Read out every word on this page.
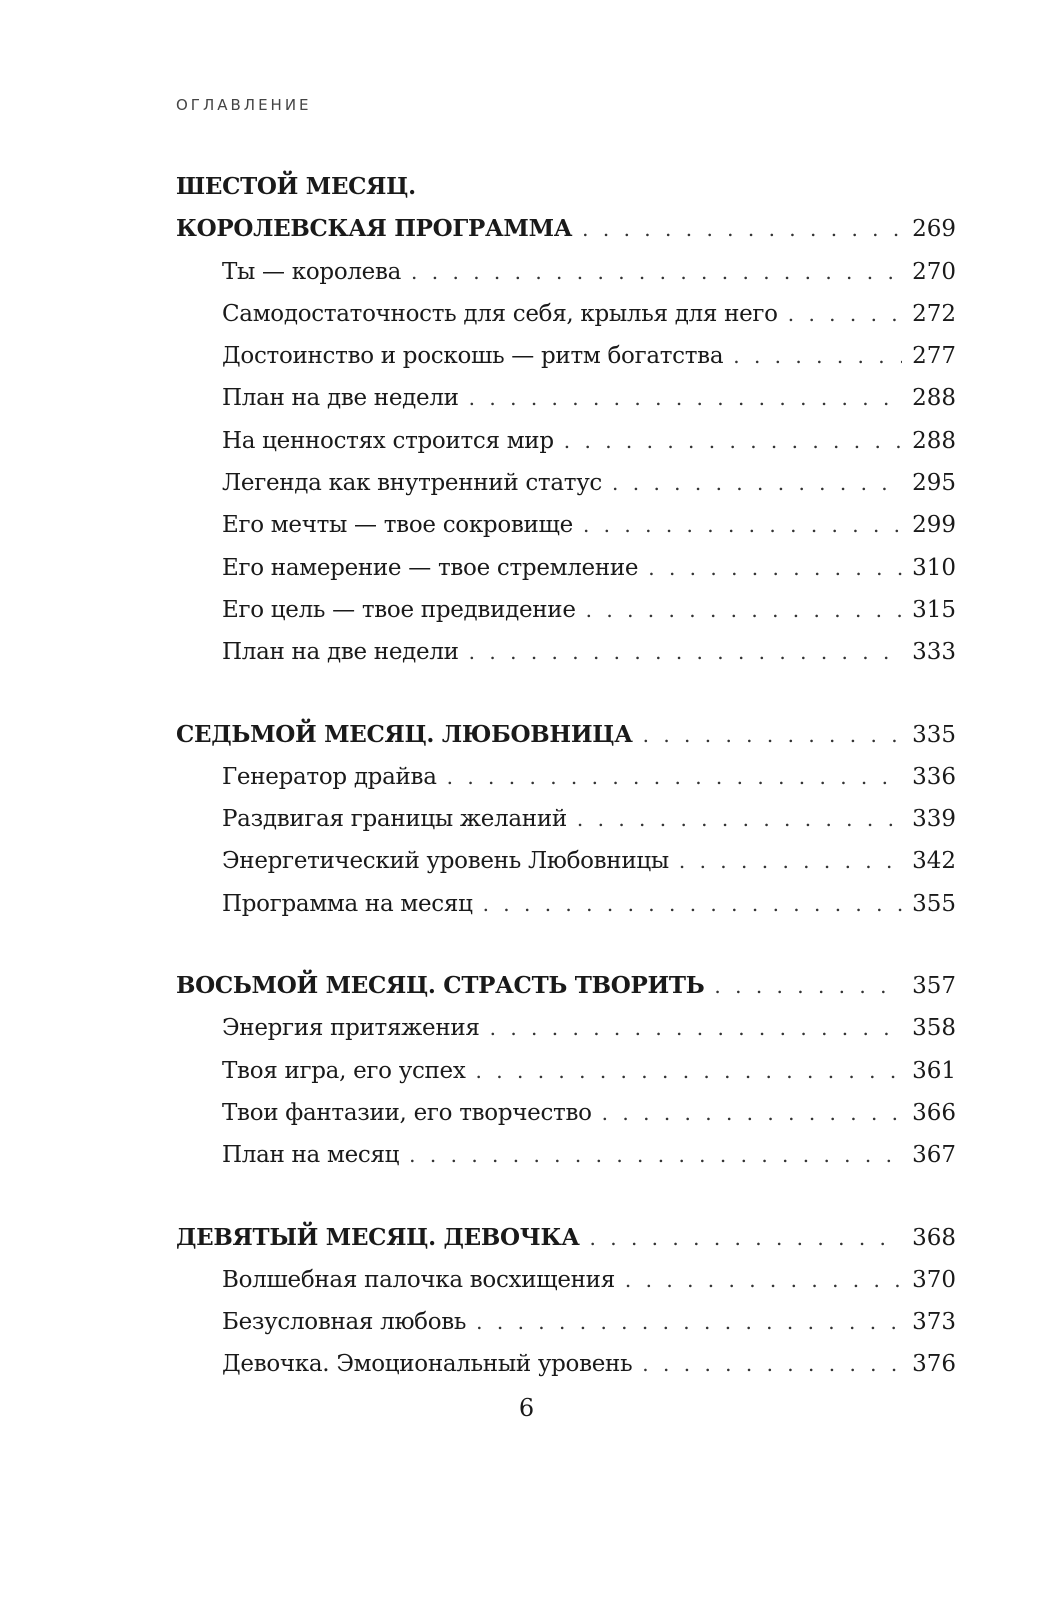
ОГЛАВЛЕНИЕ
ШЕСТОЙ МЕСЯЦ.
КОРОЛЕВСКАЯ ПРОГРАММА . . .	269
Ты — королева . . .	270
Самодостаточность для себя, крылья для него . . .	272
Достоинство и роскошь — ритм богатства . . .	277
План на две недели . . .	288
На ценностях строится мир . . .	288
Легенда как внутренний статус . . .	295
Его мечты — твое сокровище . . .	299
Его намерение — твое стремление . . .	310
Его цель — твое предвидение . . .	315
План на две недели . . .	333
СЕДЬМОЙ МЕСЯЦ. ЛЮБОВНИЦА . . .	335
Генератор драйва . . .	336
Раздвигая границы желаний . . .	339
Энергетический уровень Любовницы . . .	342
Программа на месяц . . .	355
ВОСЬМОЙ МЕСЯЦ. СТРАСТЬ ТВОРИТЬ . . .	357
Энергия притяжения . . .	358
Твоя игра, его успех . . .	361
Твои фантазии, его творчество . . .	366
План на месяц . . .	367
ДЕВЯТЫЙ МЕСЯЦ. ДЕВОЧКА . . .	368
Волшебная палочка восхищения . . .	370
Безусловная любовь . . .	373
Девочка. Эмоциональный уровень . . .	376
6
